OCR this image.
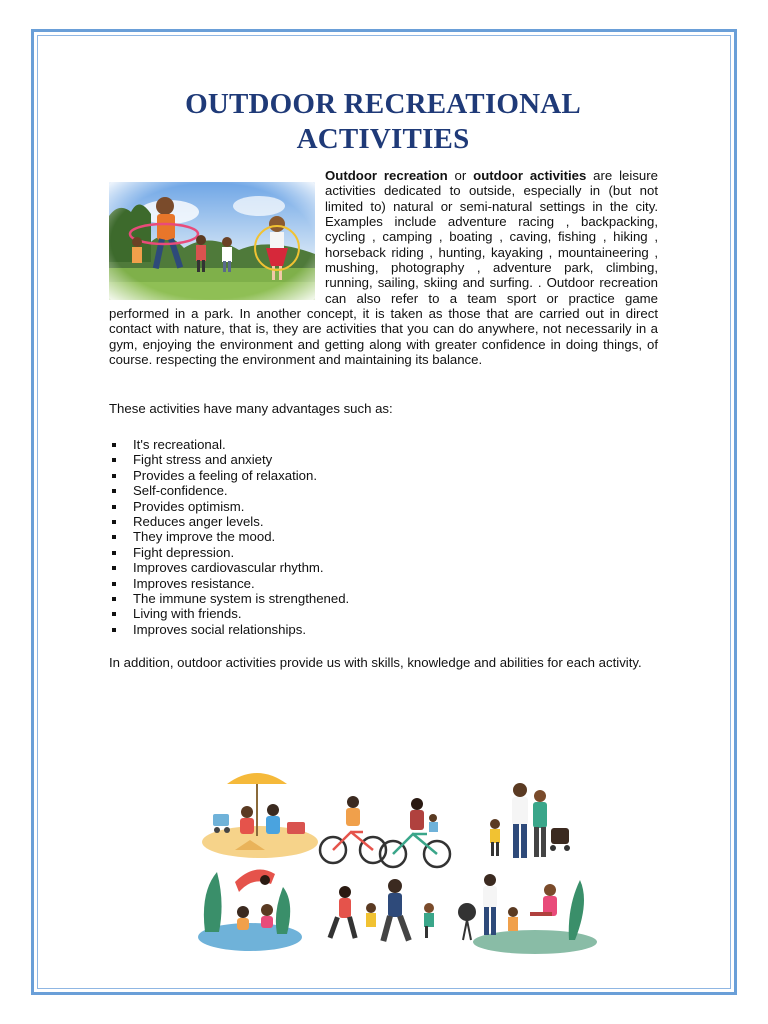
OUTDOOR RECREATIONAL
ACTIVITIES
Outdoor recreation or outdoor activities
are leisure activities dedicated to outside, especially in (but not limited to) natural or semi-natural settings in the city. Examples include adventure racing , backpacking, cycling , camping , boating , caving, fishing , hiking , horseback riding , hunting, kayaking , mountaineering , mushing, photography , adventure park, climbing, running, sailing, skiing and surfing. . Outdoor recreation can also refer to a team sport or practice game performed in a park. In another concept, it is taken as those that are carried out in direct contact with nature, that is, they are activities that you can do anywhere, not necessarily in a gym, enjoying the environment and getting along with greater confidence in doing things, of course. respecting the environment and maintaining its balance.

These activities have many advantages such as:

It's recreational.
Fight stress and anxiety
Provides a feeling of relaxation.
Self-confidence.
Provides optimism.
Reduces anger levels.
They improve the mood.
Fight depression.
Improves cardiovascular rhythm.
Improves resistance.
The immune system is strengthened.
Living with friends.
Improves social relationships.

In addition, outdoor activities provide us with skills, knowledge and abilities for each activity.
